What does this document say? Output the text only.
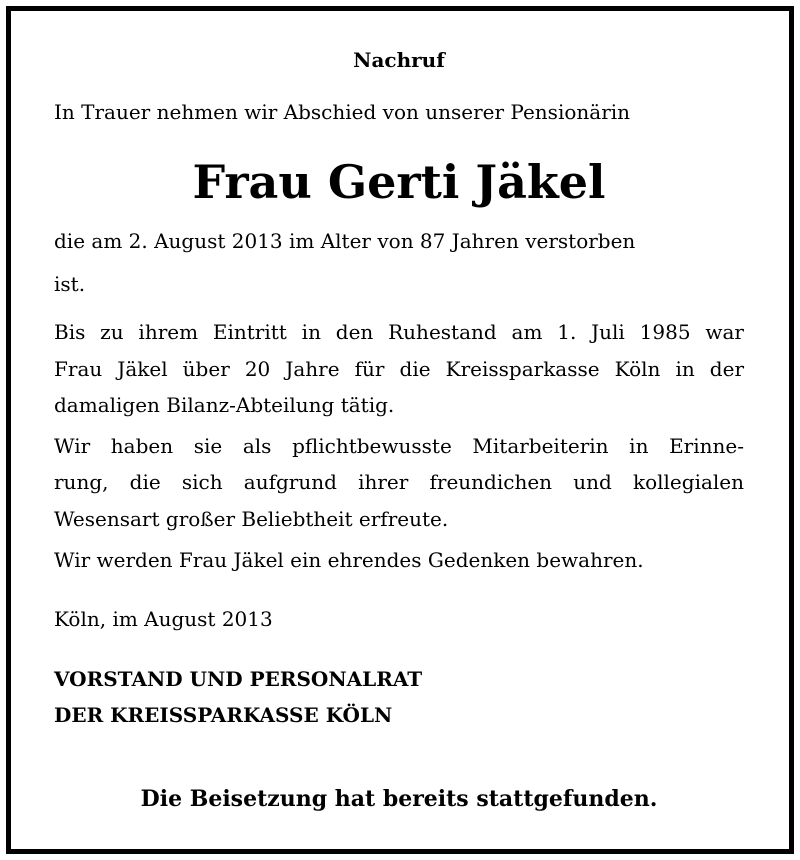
Nachruf
In Trauer nehmen wir Abschied von unserer Pensionärin
Frau Gerti Jäkel
die am 2. August 2013 im Alter von 87 Jahren verstorben
ist.
Bis zu ihrem Eintritt in den Ruhestand am 1. Juli 1985 war
Frau Jäkel über 20 Jahre für die Kreissparkasse Köln in der
damaligen Bilanz-Abteilung tätig.
Wir haben sie als pflichtbewusste Mitarbeiterin in Erinne-
rung, die sich aufgrund ihrer freundichen und kollegialen
Wesensart großer Beliebtheit erfreute.
Wir werden Frau Jäkel ein ehrendes Gedenken bewahren.
Köln, im August 2013
VORSTAND UND PERSONALRAT
DER KREISSPARKASSE KÖLN
Die Beisetzung hat bereits stattgefunden.
